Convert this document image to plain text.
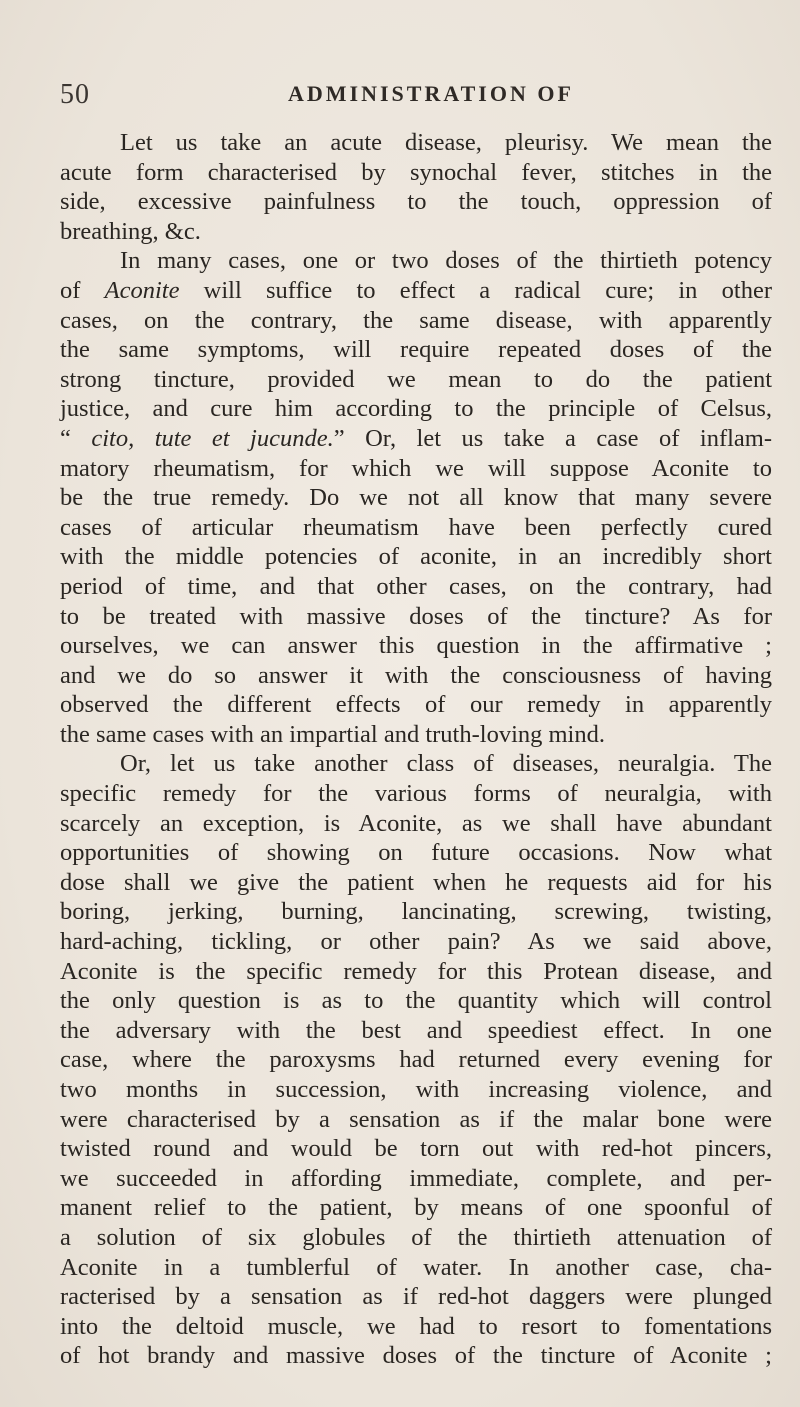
50	ADMINISTRATION OF
Let us take an acute disease, pleurisy. We mean the
acute form characterised by synochal fever, stitches in the
side, excessive painfulness to the touch, oppression of
breathing, &c.
In many cases, one or two doses of the thirtieth potency
of Aconite will suffice to effect a radical cure; in other
cases, on the contrary, the same disease, with apparently
the same symptoms, will require repeated doses of the
strong tincture, provided we mean to do the patient
justice, and cure him according to the principle of Celsus,
“ cito, tute et jucunde.” Or, let us take a case of inflam-
matory rheumatism, for which we will suppose Aconite to
be the true remedy. Do we not all know that many severe
cases of articular rheumatism have been perfectly cured
with the middle potencies of aconite, in an incredibly short
period of time, and that other cases, on the contrary, had
to be treated with massive doses of the tincture? As for
ourselves, we can answer this question in the affirmative ;
and we do so answer it with the consciousness of having
observed the different effects of our remedy in apparently
the same cases with an impartial and truth-loving mind.
Or, let us take another class of diseases, neuralgia. The
specific remedy for the various forms of neuralgia, with
scarcely an exception, is Aconite, as we shall have abundant
opportunities of showing on future occasions. Now what
dose shall we give the patient when he requests aid for his
boring, jerking, burning, lancinating, screwing, twisting,
hard-aching, tickling, or other pain? As we said above,
Aconite is the specific remedy for this Protean disease, and
the only question is as to the quantity which will control
the adversary with the best and speediest effect. In one
case, where the paroxysms had returned every evening for
two months in succession, with increasing violence, and
were characterised by a sensation as if the malar bone were
twisted round and would be torn out with red-hot pincers,
we succeeded in affording immediate, complete, and per-
manent relief to the patient, by means of one spoonful of
a solution of six globules of the thirtieth attenuation of
Aconite in a tumblerful of water. In another case, cha-
racterised by a sensation as if red-hot daggers were plunged
into the deltoid muscle, we had to resort to fomentations
of hot brandy and massive doses of the tincture of Aconite ;
